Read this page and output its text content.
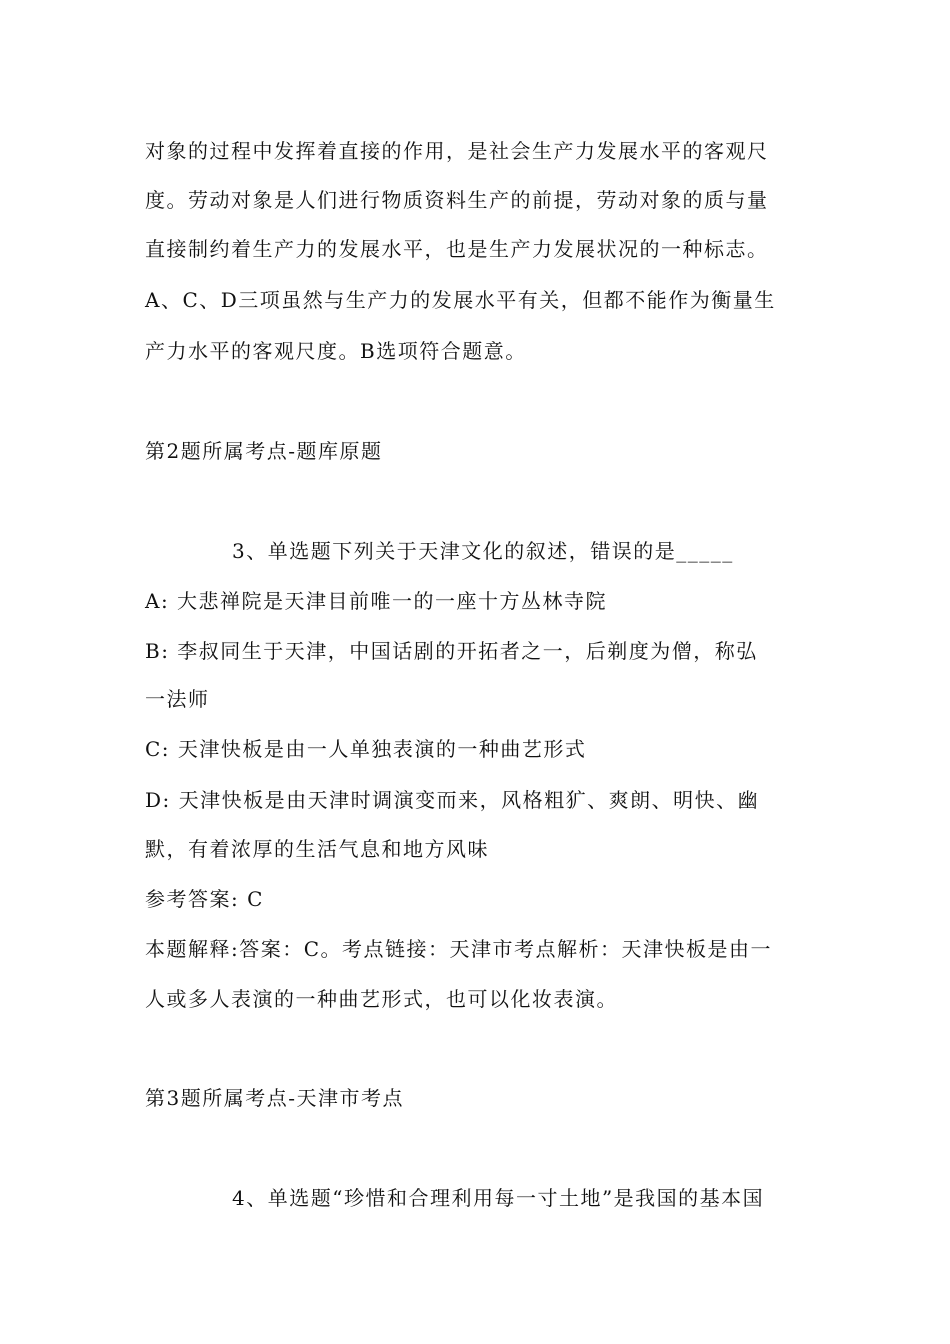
对象的过程中发挥着直接的作用，是社会生产力发展水平的客观尺
度。劳动对象是人们进行物质资料生产的前提，劳动对象的质与量
直接制约着生产力的发展水平，也是生产力发展状况的一种标志。
A、C、D三项虽然与生产力的发展水平有关，但都不能作为衡量生
产力水平的客观尺度。B选项符合题意。
第2题所属考点-题库原题
3、单选题下列关于天津文化的叙述，错误的是_____
A: 大悲禅院是天津目前唯一的一座十方丛林寺院
B: 李叔同生于天津，中国话剧的开拓者之一，后剃度为僧，称弘
一法师
C: 天津快板是由一人单独表演的一种曲艺形式
D: 天津快板是由天津时调演变而来，风格粗犷、爽朗、明快、幽
默，有着浓厚的生活气息和地方风味
参考答案: C
本题解释:答案：C。考点链接：天津市考点解析：天津快板是由一
人或多人表演的一种曲艺形式，也可以化妆表演。
第3题所属考点-天津市考点
4、单选题“珍惜和合理利用每一寸土地”是我国的基本国
